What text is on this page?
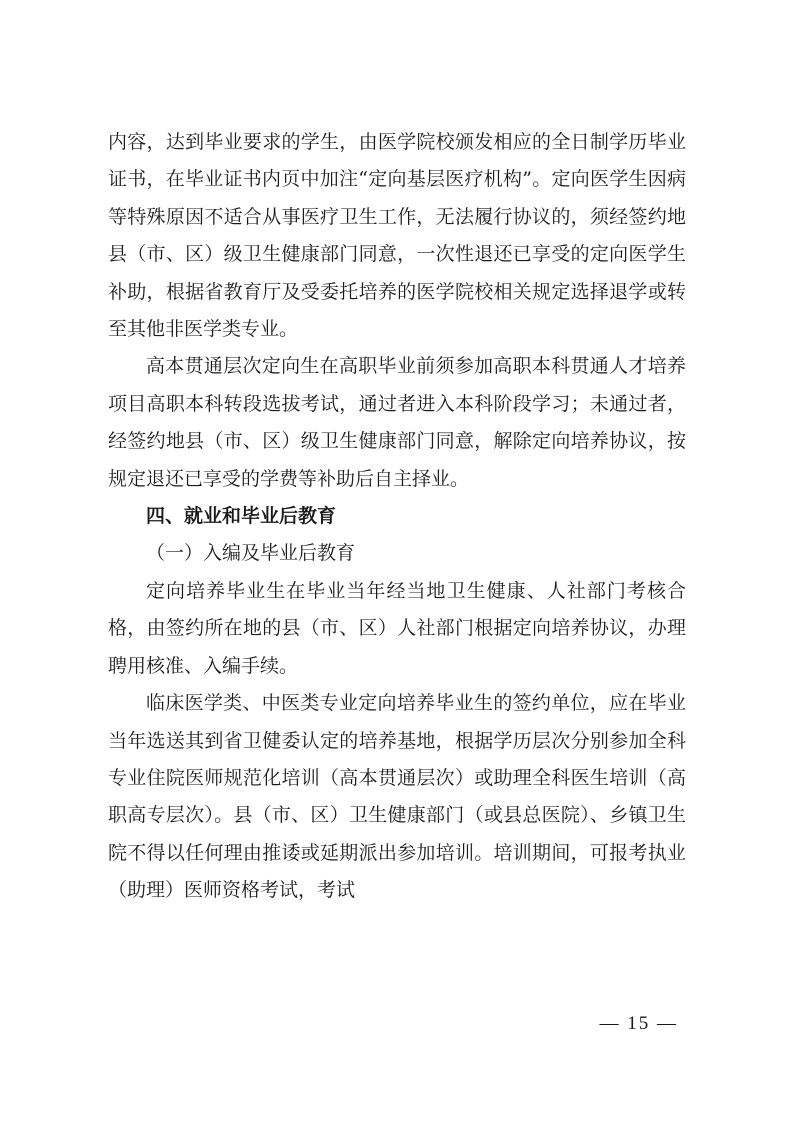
内容，达到毕业要求的学生，由医学院校颁发相应的全日制学历毕业证书，在毕业证书内页中加注“定向基层医疗机构”。定向医学生因病等特殊原因不适合从事医疗卫生工作，无法履行协议的，须经签约地县（市、区）级卫生健康部门同意，一次性退还已享受的定向医学生补助，根据省教育厅及受委托培养的医学院校相关规定选择退学或转至其他非医学类专业。

高本贯通层次定向生在高职毕业前须参加高职本科贯通人才培养项目高职本科转段选拔考试，通过者进入本科阶段学习；未通过者，经签约地县（市、区）级卫生健康部门同意，解除定向培养协议，按规定退还已享受的学费等补助后自主择业。

四、就业和毕业后教育

（一）入编及毕业后教育

定向培养毕业生在毕业当年经当地卫生健康、人社部门考核合格，由签约所在地的县（市、区）人社部门根据定向培养协议，办理聘用核准、入编手续。

临床医学类、中医类专业定向培养毕业生的签约单位，应在毕业当年选送其到省卫健委认定的培养基地，根据学历层次分别参加全科专业住院医师规范化培训（高本贯通层次）或助理全科医生培训（高职高专层次）。县（市、区）卫生健康部门（或县总医院）、乡镇卫生院不得以任何理由推诿或延期派出参加培训。培训期间，可报考执业（助理）医师资格考试，考试

— 15 —
